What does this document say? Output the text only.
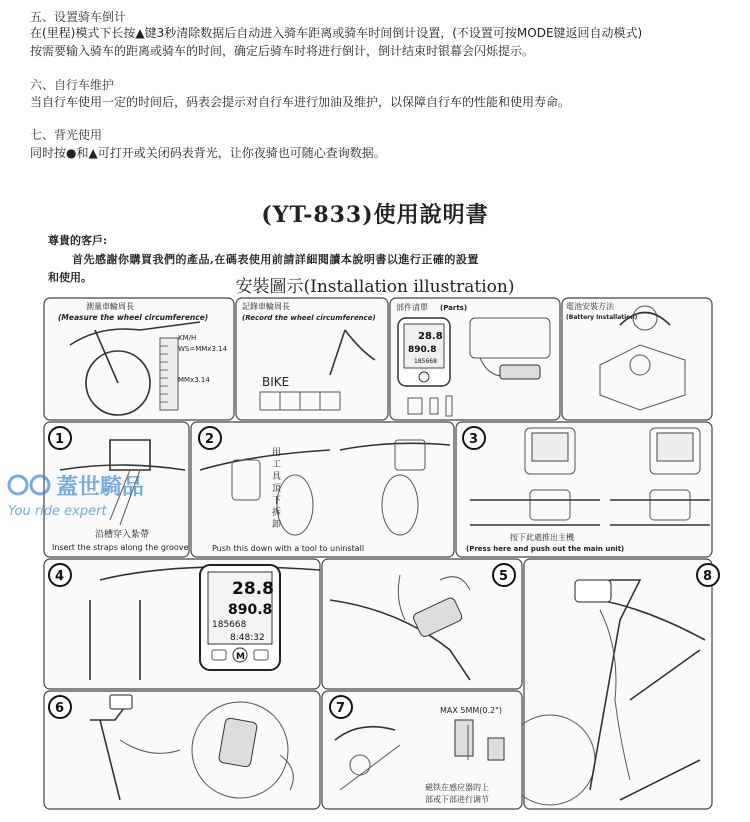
五、设置骑车倒计
在(里程)模式下长按▲键3秒清除数据后自动进入骑车距离或骑车时间倒计设置，(不设置可按MODE键返回自动模式)
按需要输入骑车的距离或骑车的时间，确定后骑车时将进行倒计，倒计结束时银幕会闪烁提示。
六、自行车维护
当自行车使用一定的时间后，码表会提示对自行车进行加油及维护，以保障自行车的性能和使用寿命。
七、背光使用
同时按●和▲可打开或关闭码表背光，让你夜骑也可随心查询数据。
(YT-833)使用說明書
尊貴的客戶:
首先感謝你購買我們的產品,在碼表使用前請詳細閱讀本說明書以進行正確的設置
和使用。	安裝圖示(Installation illustration)
測量車輪周長
(Measure the wheel circumference)
KM/H
WS=MMx3.14
MMx3.14
記錄車輪周長
(Record the wheel circumference)
BIKE
部件清單 (Parts)
28.8
890.8
185668
電池安裝方法
(Battery Installation)
1
沿槽穿入紮帶
Insert the straps along the groove
2
用
工
具
頂
下
拆
卸
Push this down with a tool to uninstall
3
按下此處推出主機
(Press here and push out the main unit)
4
28.8
890.8
185668
8:48:32
M
5	8
6	7	MAX 5MM(0.2")
磁铁在感应器的上
部或下部进行调节
蓋世騎品
You ride expert
